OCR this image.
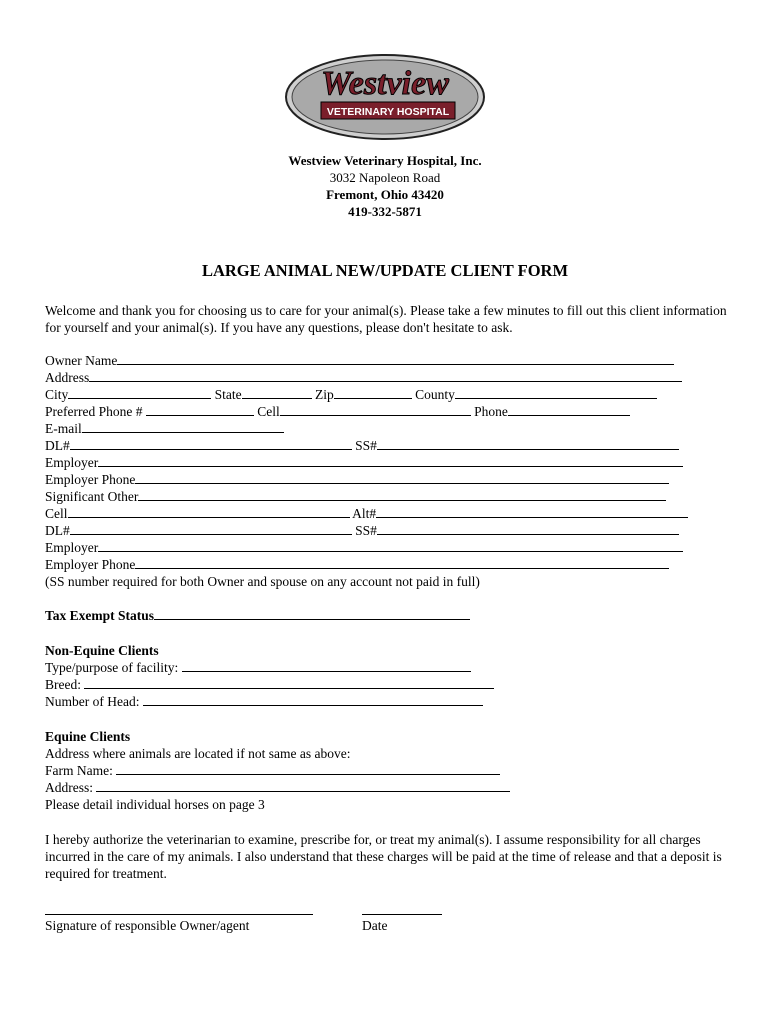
Westview
VETERINARY HOSPITAL
Westview Veterinary Hospital, Inc.
3032 Napoleon Road
Fremont, Ohio 43420
419-332-5871
LARGE ANIMAL NEW/UPDATE CLIENT FORM
Welcome and thank you for choosing us to care for your animal(s). Please take a few minutes to fill out this client information for yourself and your animal(s). If you have any questions, please don't hesitate to ask.
Owner Name
Address
City	State	Zip	County
Preferred Phone #	Cell	Phone
E-mail
DL#	SS#
Employer
Employer Phone
Significant Other
Cell	Alt#
DL#	SS#
Employer
Employer Phone
(SS number required for both Owner and spouse on any account not paid in full)
Tax Exempt Status
Non-Equine Clients
Type/purpose of facility:
Breed:
Number of Head:
Equine Clients
Address where animals are located if not same as above:
Farm Name:
Address:
Please detail individual horses on page 3
I hereby authorize the veterinarian to examine, prescribe for, or treat my animal(s). I assume responsibility for all charges incurred in the care of my animals. I also understand that these charges will be paid at the time of release and that a deposit is required for treatment.
Signature of responsible Owner/agent	Date
